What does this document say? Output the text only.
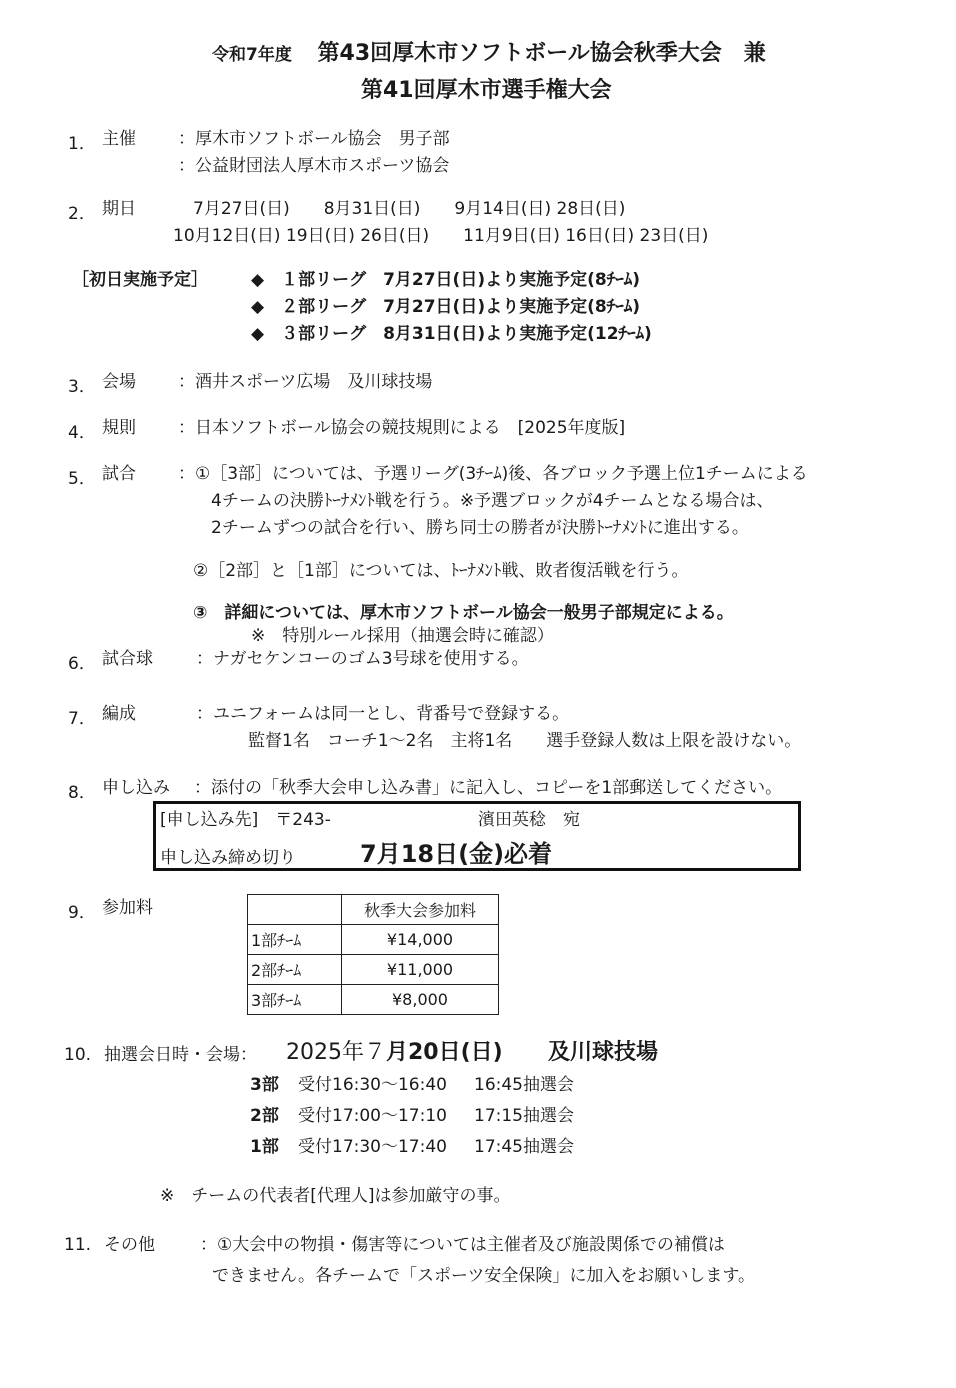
令和7年度 第43回厚木市ソフトボール協会秋季大会　兼
第41回厚木市選手権大会
1． 主催 ：厚木市ソフトボール協会　男子部
：公益財団法人厚木市スポーツ協会
2． 期日	7月27日(日)　　8月31日(日)　　9月14日(日) 28日(日)
10月12日(日) 19日(日) 26日(日)　　11月9日(日) 16日(日) 23日(日)
［初日実施予定］	◆　１部リーグ　7月27日(日)より実施予定(8ﾁｰﾑ)
◆　２部リーグ　7月27日(日)より実施予定(8ﾁｰﾑ)
◆　３部リーグ　8月31日(日)より実施予定(12ﾁｰﾑ)
3． 会場 ：酒井スポーツ広場　及川球技場
4． 規則 ：日本ソフトボール協会の競技規則による　[2025年度版]
5． 試合 ：①［3部］については、予選リーグ(3ﾁｰﾑ)後、各ブロック予選上位1チームによる
4チームの決勝ﾄｰﾅﾒﾝﾄ戦を行う。※予選ブロックが4チームとなる場合は、
2チームずつの試合を行い、勝ち同士の勝者が決勝ﾄｰﾅﾒﾝﾄに進出する。
②［2部］と［1部］については、ﾄｰﾅﾒﾝﾄ戦、敗者復活戦を行う。
③　詳細については、厚木市ソフトボール協会一般男子部規定による。
※　特別ルール採用（抽選会時に確認）
6． 試合球	：ナガセケンコーのゴム3号球を使用する。
7． 編成	：ユニフォームは同一とし、背番号で登録する。
監督1名　コーチ1～2名　主将1名　　選手登録人数は上限を設けない。
8． 申し込み ：添付の「秋季大会申し込み書」に記入し、コピーを1部郵送してください。
[申し込み先]　〒243-	濱田英稔　宛
申し込み締め切り	7月18日(金)必着
9． 参加料
		秋季大会参加料
1部ﾁｰﾑ	¥14,000
2部ﾁｰﾑ	¥11,000
3部ﾁｰﾑ	¥8,000
10. 抽選会日時・会場： 2025年７月20日(日) 及川球技場
3部 受付16:30～16:40 16:45抽選会
2部 受付17:00～17:10 17:15抽選会
1部 受付17:30～17:40 17:45抽選会
※　チームの代表者[代理人]は参加厳守の事。
11. その他	：①大会中の物損・傷害等については主催者及び施設関係での補償は
できません。各チームで「スポーツ安全保険」に加入をお願いします。
